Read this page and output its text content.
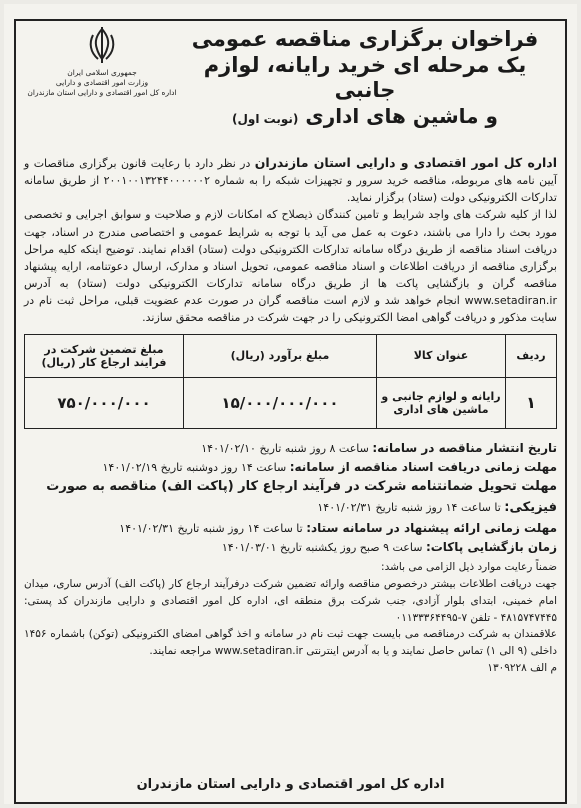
فراخوان برگزاری مناقصه عمومی
یک مرحله ای خرید رایانه، لوازم جانبی
و ماشین های اداری (نوبت اول)
جمهوری اسلامی ایران
وزارت امور اقتصادی و دارایی
اداره کل امور اقتصادی و دارایی استان مازندران
اداره کل امور اقتصادی و دارایی استان مازندران در نظر دارد با رعایت قانون برگزاری مناقصات و آیین نامه های مربوطه، مناقصه خرید سرور و تجهیزات شبکه را به شماره ۲۰۰۱۰۰۱۳۲۴۴۰۰۰۰۰۰۲ از طریق سامانه تدارکات الکترونیکی دولت (ستاد) برگزار نماید.
لذا از کلیه شرکت های واجد شرایط و تامین کنندگان ذیصلاح که امکانات لازم و صلاحیت و سوابق اجرایی و تخصصی مورد بحث را دارا می باشند، دعوت به عمل می آید با توجه به شرایط عمومی و اختصاصی مندرج در اسناد، جهت دریافت اسناد مناقصه از طریق درگاه سامانه تدارکات الکترونیکی دولت (ستاد) اقدام نمایند. توضیح اینکه کلیه مراحل برگزاری مناقصه از دریافت اطلاعات و اسناد مناقصه عمومی، تحویل اسناد و مدارک، ارسال دعوتنامه، ارایه پیشنهاد مناقصه گران و بازگشایی پاکت ها از طریق درگاه سامانه تدارکات الکترونیکی دولت (ستاد) به آدرس www.setadiran.ir انجام خواهد شد و لازم است مناقصه گران در صورت عدم عضویت قبلی، مراحل ثبت نام در سایت مذکور و دریافت گواهی امضا الکترونیکی را در جهت شرکت در مناقصه محقق سازند.
ردیف	عنوان کالا	مبلغ برآورد (ریال)	مبلغ تضمین شرکت در فرایند ارجاع کار (ریال)
۱	رایانه و لوازم جانبی و ماشین های اداری	۱۵/۰۰۰/۰۰۰/۰۰۰	۷۵۰/۰۰۰/۰۰۰
تاریخ انتشار مناقصه در سامانه: ساعت ۸ روز شنبه تاریخ ۱۴۰۱/۰۲/۱۰
مهلت زمانی دریافت اسناد مناقصه از سامانه: ساعت ۱۴ روز دوشنبه تاریخ ۱۴۰۱/۰۲/۱۹
مهلت تحویل ضمانتنامه شرکت در فرآیند ارجاع کار (پاکت الف) مناقصه به صورت فیزیکی: تا ساعت ۱۴ روز شنبه تاریخ ۱۴۰۱/۰۲/۳۱
مهلت زمانی ارائه پیشنهاد در سامانه ستاد: تا ساعت ۱۴ روز شنبه تاریخ ۱۴۰۱/۰۲/۳۱
زمان بازگشایی پاکات: ساعت ۹ صبح روز یکشنبه تاریخ ۱۴۰۱/۰۳/۰۱
ضمناً رعایت موارد ذیل الزامی می باشد:
جهت دریافت اطلاعات بیشتر درخصوص مناقصه وارائه تضمین شرکت درفرآیند ارجاع کار (پاکت الف) آدرس ساری، میدان امام خمینی، ابتدای بلوار آزادی، جنب شرکت برق منطقه ای، اداره کل امور اقتصادی و دارایی مازندران کد پستی: ۴۸۱۵۷۴۷۴۴۵ - تلفن ۷-۰۱۱۳۳۳۶۴۴۹۵
علاقمندان به شرکت درمناقصه می بایست جهت ثبت نام در سامانه و اخذ گواهی امضای الکترونیکی (توکن) باشماره ۱۴۵۶ داخلی (۹ الی ۱) تماس حاصل نمایند و یا به آدرس اینترنتی www.setadiran.ir مراجعه نمایند.
م الف ۱۳۰۹۲۲۸
اداره کل امور اقتصادی و دارایی استان مازندران
